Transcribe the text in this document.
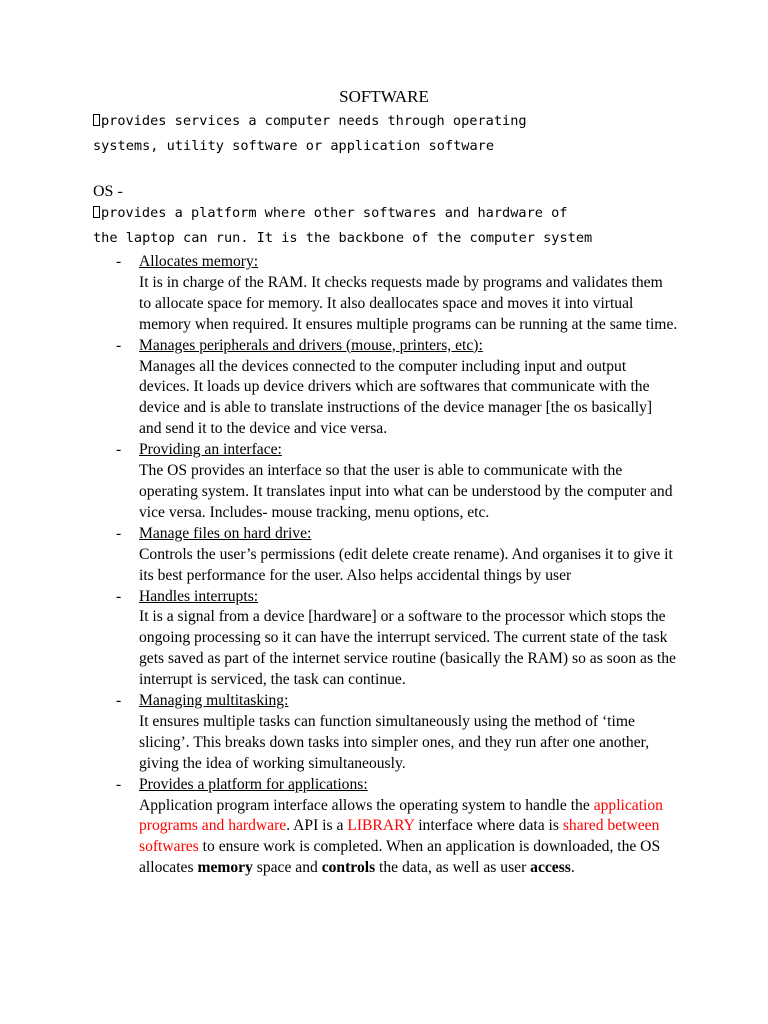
SOFTWARE
provides services a computer needs through operating
systems, utility software or application software
OS -
provides a platform where other softwares and hardware of
the laptop can run. It is the backbone of the computer system
- Allocates memory:
It is in charge of the RAM. It checks requests made by programs and validates them to allocate space for memory. It also deallocates space and moves it into virtual memory when required. It ensures multiple programs can be running at the same time.
- Manages peripherals and drivers (mouse, printers, etc):
Manages all the devices connected to the computer including input and output devices. It loads up device drivers which are softwares that communicate with the device and is able to translate instructions of the device manager [the os basically] and send it to the device and vice versa.
- Providing an interface:
The OS provides an interface so that the user is able to communicate with the operating system. It translates input into what can be understood by the computer and vice versa. Includes- mouse tracking, menu options, etc.
- Manage files on hard drive:
Controls the user’s permissions (edit delete create rename). And organises it to give it its best performance for the user. Also helps accidental things by user
- Handles interrupts:
It is a signal from a device [hardware] or a software to the processor which stops the ongoing processing so it can have the interrupt serviced. The current state of the task gets saved as part of the internet service routine (basically the RAM) so as soon as the interrupt is serviced, the task can continue.
- Managing multitasking:
It ensures multiple tasks can function simultaneously using the method of ‘time slicing’. This breaks down tasks into simpler ones, and they run after one another, giving the idea of working simultaneously.
- Provides a platform for applications:
Application program interface allows the operating system to handle the application programs and hardware. API is a LIBRARY interface where data is shared between softwares to ensure work is completed. When an application is downloaded, the OS allocates memory space and controls the data, as well as user access.
